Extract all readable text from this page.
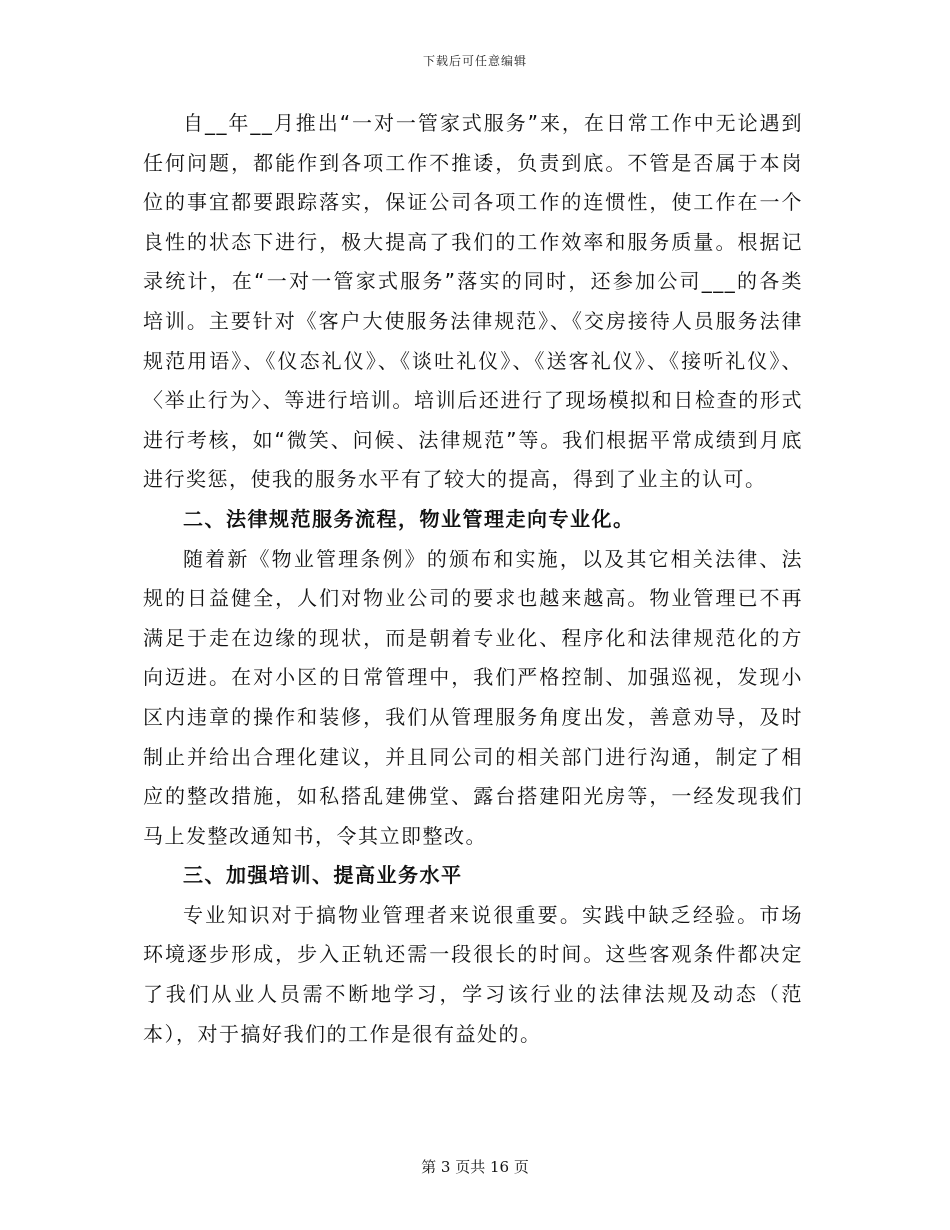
下载后可任意编辑

自__年__月推出“一对一管家式服务”来，在日常工作中无论遇到任何问题，都能作到各项工作不推诿，负责到底。不管是否属于本岗位的事宜都要跟踪落实，保证公司各项工作的连惯性，使工作在一个良性的状态下进行，极大提高了我们的工作效率和服务质量。根据记录统计，在“一对一管家式服务”落实的同时，还参加公司___的各类培训。主要针对《客户大使服务法律规范》、《交房接待人员服务法律规范用语》、《仪态礼仪》、《谈吐礼仪》、《送客礼仪》、《接听礼仪》、〈举止行为〉、等进行培训。培训后还进行了现场模拟和日检查的形式进行考核，如“微笑、问候、法律规范”等。我们根据平常成绩到月底进行奖惩，使我的服务水平有了较大的提高，得到了业主的认可。

二、法律规范服务流程，物业管理走向专业化。

随着新《物业管理条例》的颁布和实施，以及其它相关法律、法规的日益健全，人们对物业公司的要求也越来越高。物业管理已不再满足于走在边缘的现状，而是朝着专业化、程序化和法律规范化的方向迈进。在对小区的日常管理中，我们严格控制、加强巡视，发现小区内违章的操作和装修，我们从管理服务角度出发，善意劝导，及时制止并给出合理化建议，并且同公司的相关部门进行沟通，制定了相应的整改措施，如私搭乱建佛堂、露台搭建阳光房等，一经发现我们马上发整改通知书，令其立即整改。

三、加强培训、提高业务水平

专业知识对于搞物业管理者来说很重要。实践中缺乏经验。市场环境逐步形成，步入正轨还需一段很长的时间。这些客观条件都决定了我们从业人员需不断地学习，学习该行业的法律法规及动态（范本），对于搞好我们的工作是很有益处的。

第 3 页共 16 页
